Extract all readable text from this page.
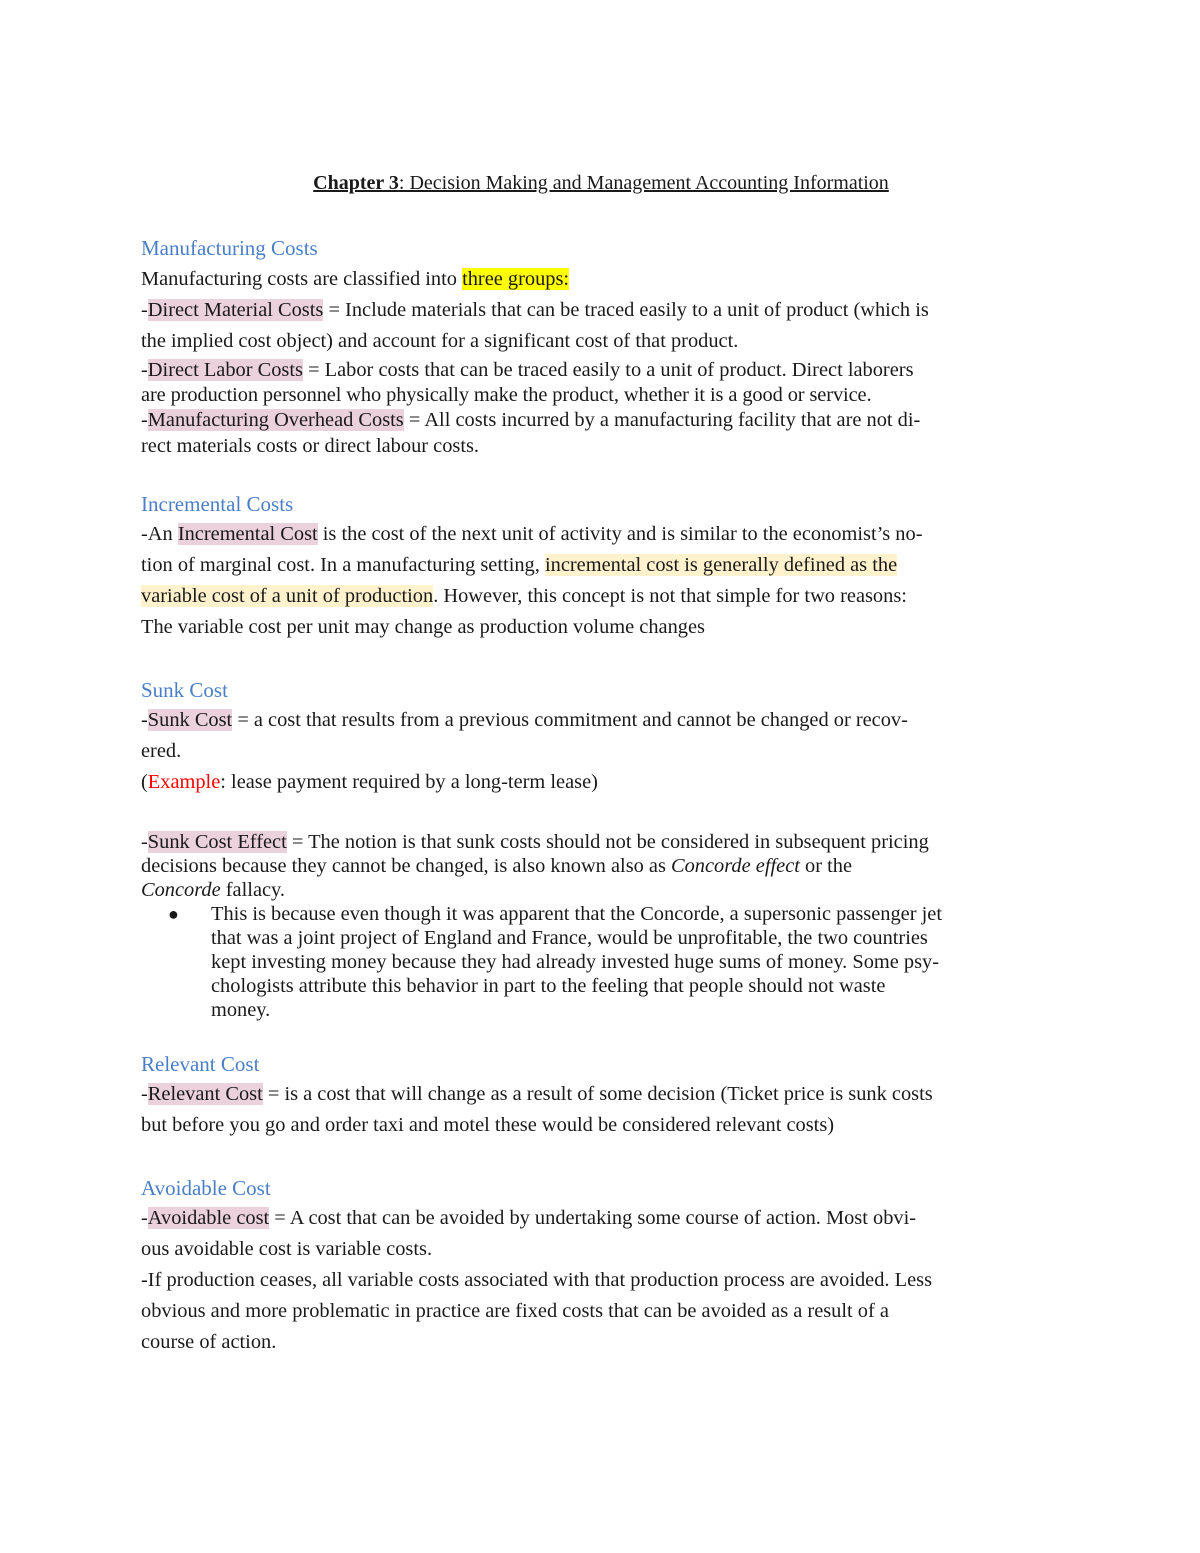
Chapter 3: Decision Making and Management Accounting Information
Manufacturing Costs
Manufacturing costs are classified into three groups:
-Direct Material Costs = Include materials that can be traced easily to a unit of product (which is
the implied cost object) and account for a significant cost of that product.
-Direct Labor Costs = Labor costs that can be traced easily to a unit of product. Direct laborers
are production personnel who physically make the product, whether it is a good or service.
-Manufacturing Overhead Costs = All costs incurred by a manufacturing facility that are not di-
rect materials costs or direct labour costs.
Incremental Costs
-An Incremental Cost is the cost of the next unit of activity and is similar to the economist’s no-
tion of marginal cost. In a manufacturing setting, incremental cost is generally defined as the
variable cost of a unit of production. However, this concept is not that simple for two reasons:
The variable cost per unit may change as production volume changes
Sunk Cost
-Sunk Cost = a cost that results from a previous commitment and cannot be changed or recov-
ered.
(Example: lease payment required by a long-term lease)
-Sunk Cost Effect = The notion is that sunk costs should not be considered in subsequent pricing
decisions because they cannot be changed, is also known also as Concorde effect or the
Concorde fallacy.
● This is because even though it was apparent that the Concorde, a supersonic passenger jet
that was a joint project of England and France, would be unprofitable, the two countries
kept investing money because they had already invested huge sums of money. Some psy-
chologists attribute this behavior in part to the feeling that people should not waste
money.
Relevant Cost
-Relevant Cost = is a cost that will change as a result of some decision (Ticket price is sunk costs
but before you go and order taxi and motel these would be considered relevant costs)
Avoidable Cost
-Avoidable cost = A cost that can be avoided by undertaking some course of action. Most obvi-
ous avoidable cost is variable costs.
-If production ceases, all variable costs associated with that production process are avoided. Less
obvious and more problematic in practice are fixed costs that can be avoided as a result of a
course of action.
